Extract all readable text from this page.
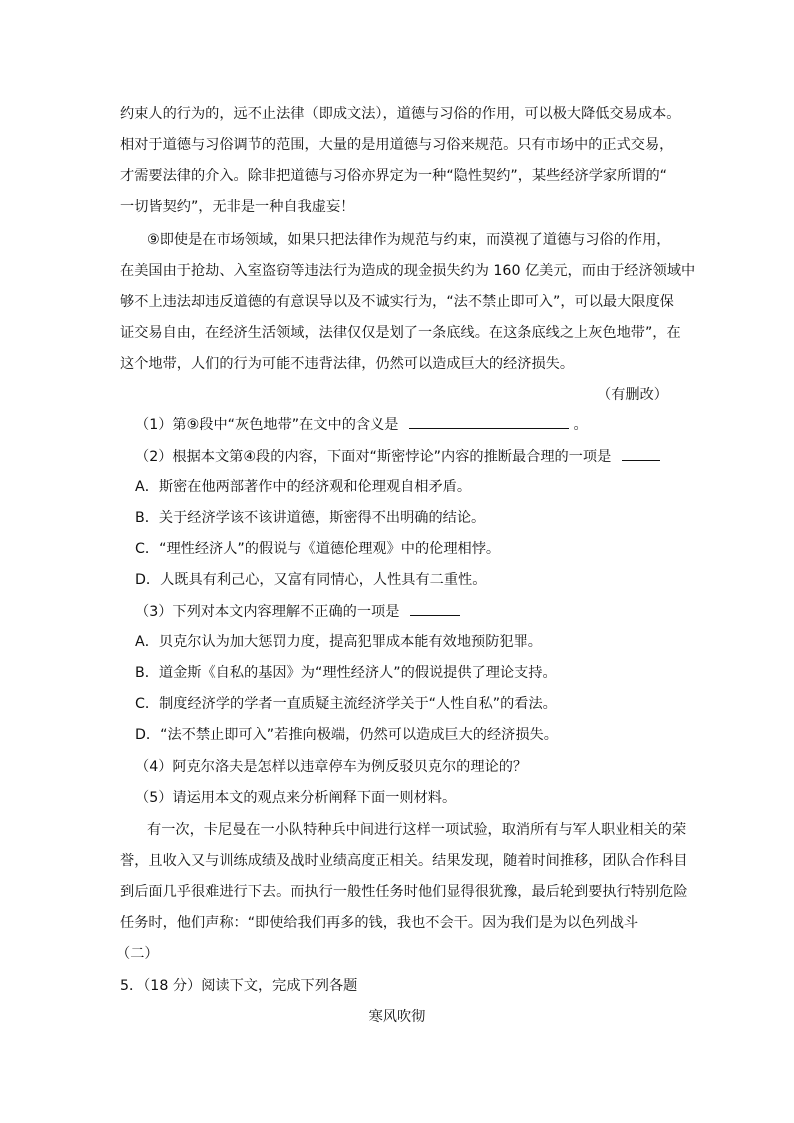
约束人的行为的，远不止法律（即成文法），道德与习俗的作用，可以极大降低交易成本。
相对于道德与习俗调节的范围，大量的是用道德与习俗来规范。只有市场中的正式交易，
才需要法律的介入。除非把道德与习俗亦界定为一种“隐性契约”，某些经济学家所谓的“
一切皆契约”，无非是一种自我虚妄！
⑨即使是在市场领域，如果只把法律作为规范与约束，而漠视了道德与习俗的作用，
在美国由于抢劫、入室盗窃等违法行为造成的现金损失约为 160 亿美元，而由于经济领域中
够不上违法却违反道德的有意误导以及不诚实行为，“法不禁止即可入”，可以最大限度保
证交易自由，在经济生活领域，法律仅仅是划了一条底线。在这条底线之上灰色地带”，在
这个地带，人们的行为可能不违背法律，仍然可以造成巨大的经济损失。
（有删改）
（1）第⑨段中“灰色地带”在文中的含义是	。
（2）根据本文第④段的内容，下面对“斯密悖论”内容的推断最合理的一项是
A．斯密在他两部著作中的经济观和伦理观自相矛盾。
B．关于经济学该不该讲道德，斯密得不出明确的结论。
C．“理性经济人”的假说与《道德伦理观》中的伦理相悖。
D．人既具有利己心，又富有同情心，人性具有二重性。
（3）下列对本文内容理解不正确的一项是
A．贝克尔认为加大惩罚力度，提高犯罪成本能有效地预防犯罪。
B．道金斯《自私的基因》为“理性经济人”的假说提供了理论支持。
C．制度经济学的学者一直质疑主流经济学关于“人性自私”的看法。
D．“法不禁止即可入”若推向极端，仍然可以造成巨大的经济损失。
（4）阿克尔洛夫是怎样以违章停车为例反驳贝克尔的理论的？
（5）请运用本文的观点来分析阐释下面一则材料。
有一次，卡尼曼在一小队特种兵中间进行这样一项试验，取消所有与军人职业相关的荣
誉，且收入又与训练成绩及战时业绩高度正相关。结果发现，随着时间推移，团队合作科目
到后面几乎很难进行下去。而执行一般性任务时他们显得很犹豫，最后轮到要执行特别危险
任务时，他们声称：“即使给我们再多的钱，我也不会干。因为我们是为以色列战斗
（二）
5．（18 分）阅读下文，完成下列各题
寒风吹彻
